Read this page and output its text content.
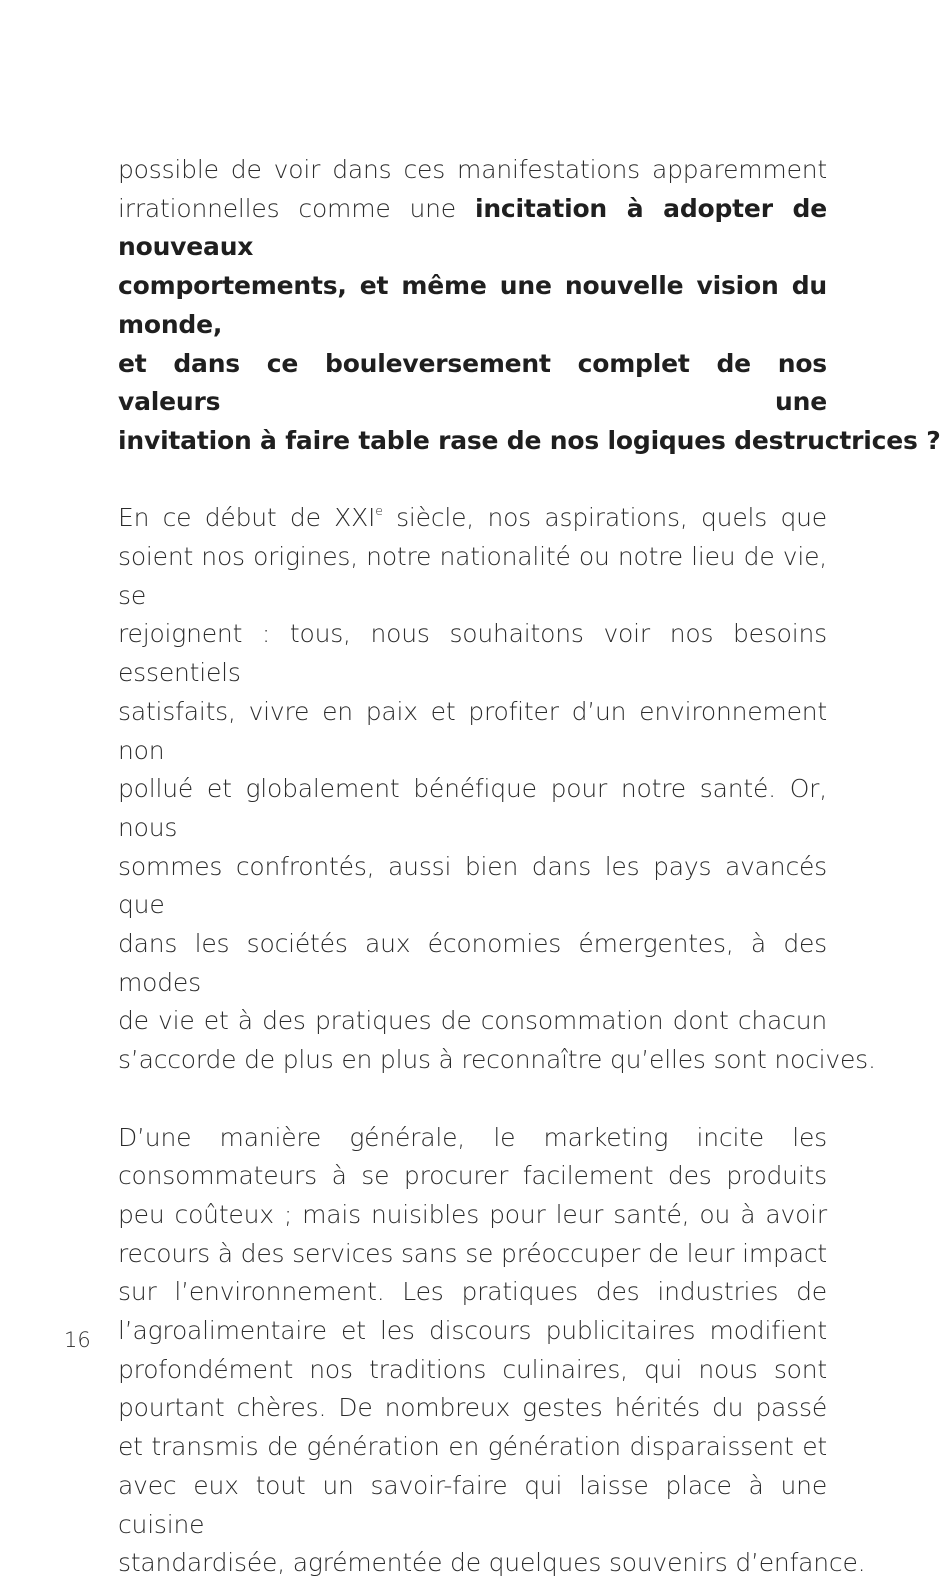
possible de voir dans ces manifestations apparemment
irrationnelles comme une incitation à adopter de nouveaux
comportements, et même une nouvelle vision du monde,
et dans ce bouleversement complet de nos valeurs une
invitation à faire table rase de nos logiques destructrices ?
En ce début de XXIe siècle, nos aspirations, quels que
soient nos origines, notre nationalité ou notre lieu de vie, se
rejoignent : tous, nous souhaitons voir nos besoins essentiels
satisfaits, vivre en paix et profiter d’un environnement non
pollué et globalement bénéfique pour notre santé. Or, nous
sommes confrontés, aussi bien dans les pays avancés que
dans les sociétés aux économies émergentes, à des modes
de vie et à des pratiques de consommation dont chacun
s’accorde de plus en plus à reconnaître qu’elles sont nocives.
D’une manière générale, le marketing incite les
consommateurs à se procurer facilement des produits
peu coûteux ; mais nuisibles pour leur santé, ou à avoir
recours à des services sans se préoccuper de leur impact
sur l’environnement. Les pratiques des industries de
l’agroalimentaire et les discours publicitaires modifient
profondément nos traditions culinaires, qui nous sont
pourtant chères. De nombreux gestes hérités du passé
et transmis de génération en génération disparaissent et
avec eux tout un savoir-faire qui laisse place à une cuisine
standardisée, agrémentée de quelques souvenirs d’enfance.
16
